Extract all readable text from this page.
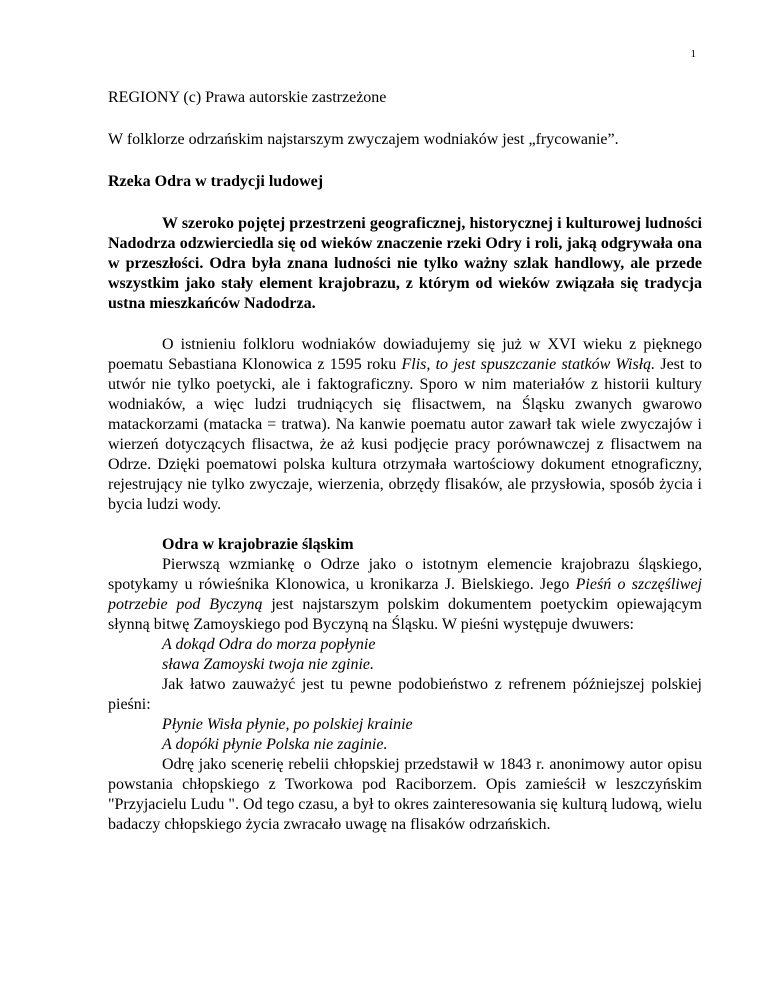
1

REGIONY (c) Prawa autorskie zastrzeżone

W folklorze odrzańskim najstarszym zwyczajem wodniaków jest „frycowanie”.

Rzeka Odra w tradycji ludowej

W szeroko pojętej przestrzeni geograficznej, historycznej i kulturowej ludności Nadodrza odzwierciedla się od wieków znaczenie rzeki Odry i roli, jaką odgrywała ona w przeszłości. Odra była znana ludności nie tylko ważny szlak handlowy, ale przede wszystkim jako stały element krajobrazu, z którym od wieków związała się tradycja ustna mieszkańców Nadodrza.

O istnieniu folkloru wodniaków dowiadujemy się już w XVI wieku z pięknego poematu Sebastiana Klonowica z 1595 roku Flis, to jest spuszczanie statków Wisłą. Jest to utwór nie tylko poetycki, ale i faktograficzny. Sporo w nim materiałów z historii kultury wodniaków, a więc ludzi trudniących się flisactwem, na Śląsku zwanych gwarowo matackorzami (matacka = tratwa). Na kanwie poematu autor zawarł tak wiele zwyczajów i wierzeń dotyczących flisactwa, że aż kusi podjęcie pracy porównawczej z flisactwem na Odrze. Dzięki poematowi polska kultura otrzymała wartościowy dokument etnograficzny, rejestrujący nie tylko zwyczaje, wierzenia, obrzędy flisaków, ale przysłowia, sposób życia i bycia ludzi wody.

Odra w krajobrazie śląskim

Pierwszą wzmiankę o Odrze jako o istotnym elemencie krajobrazu śląskiego, spotykamy u rówieśnika Klonowica, u kronikarza J. Bielskiego. Jego Pieśń o szczęśliwej potrzebie pod Byczyną jest najstarszym polskim dokumentem poetyckim opiewającym słynną bitwę Zamoyskiego pod Byczyną na Śląsku. W pieśni występuje dwuwers:
A dokąd Odra do morza popłynie
sława Zamoyski twoja nie zginie.
Jak łatwo zauważyć jest tu pewne podobieństwo z refrenem późniejszej polskiej pieśni:
Płynie Wisła płynie, po polskiej krainie
A dopóki płynie Polska nie zaginie.
Odrę jako scenerię rebelii chłopskiej przedstawił w 1843 r. anonimowy autor opisu powstania chłopskiego z Tworkowa pod Raciborzem. Opis zamieścił w leszczyńskim "Przyjacielu Ludu ". Od tego czasu, a był to okres zainteresowania się kulturą ludową, wielu badaczy chłopskiego życia zwracało uwagę na flisaków odrzańskich.
